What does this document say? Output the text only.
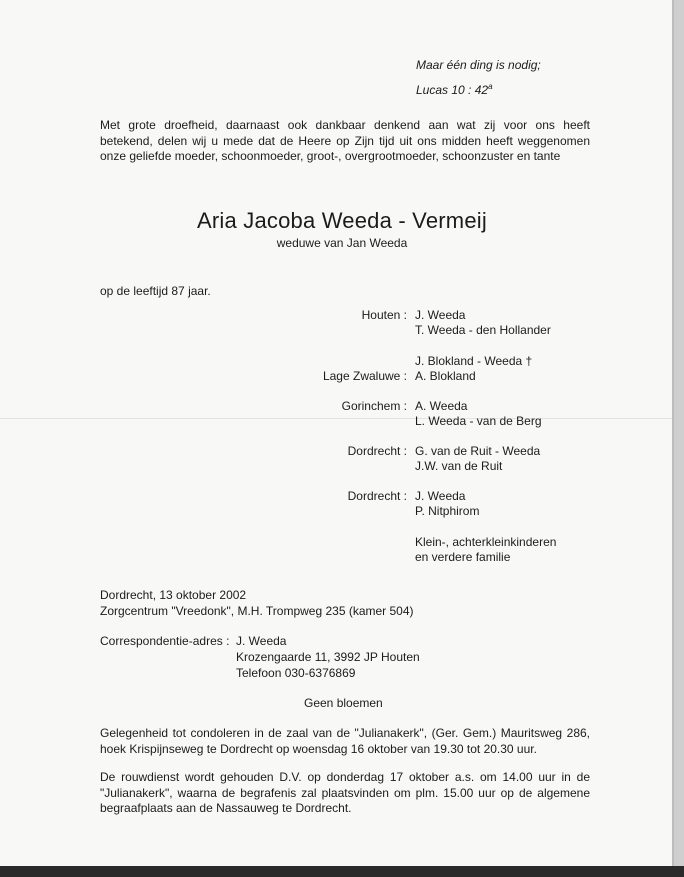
Maar één ding is nodig;
Lucas 10 : 42$^a$
Met grote droefheid, daarnaast ook dankbaar denkend aan wat zij voor ons heeft
betekend, delen wij u mede dat de Heere op Zijn tijd uit ons midden heeft weggenomen
onze geliefde moeder, schoonmoeder, groot-, overgrootmoeder, schoonzuster en tante
Aria Jacoba Weeda - Vermeij
weduwe van Jan Weeda
op de leeftijd 87 jaar.
Houten : J. Weeda
T. Weeda - den Hollander
J. Blokland - Weeda †
Lage Zwaluwe : A. Blokland
Gorinchem : A. Weeda
L. Weeda - van de Berg
Dordrecht : G. van de Ruit - Weeda
J.W. van de Ruit
Dordrecht : J. Weeda
P. Nitphirom
Klein-, achterkleinkinderen
en verdere familie
Dordrecht, 13 oktober 2002
Zorgcentrum "Vreedonk", M.H. Trompweg 235 (kamer 504)
Correspondentie-adres : J. Weeda
Krozengaarde 11, 3992 JP Houten
Telefoon 030-6376869
Geen bloemen
Gelegenheid tot condoleren in de zaal van de "Julianakerk", (Ger. Gem.) Mauritsweg 286,
hoek Krispijnseweg te Dordrecht op woensdag 16 oktober van 19.30 tot 20.30 uur.
De rouwdienst wordt gehouden D.V. op donderdag 17 oktober a.s. om 14.00 uur in de
"Julianakerk", waarna de begrafenis zal plaatsvinden om plm. 15.00 uur op de algemene
begraafplaats aan de Nassauweg te Dordrecht.
